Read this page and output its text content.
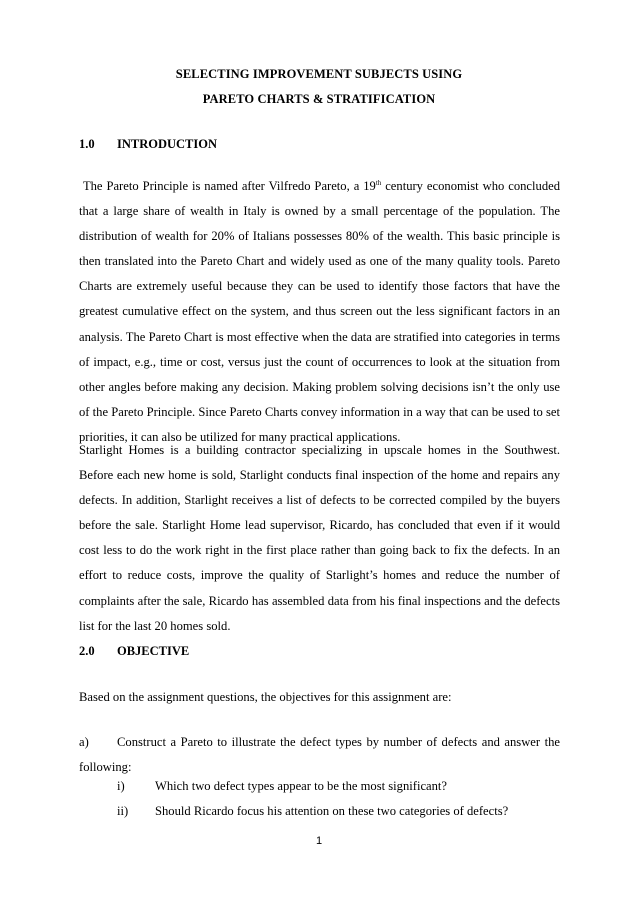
SELECTING IMPROVEMENT SUBJECTS USING
PARETO CHARTS & STRATIFICATION
1.0 INTRODUCTION

The Pareto Principle is named after Vilfredo Pareto, a 19th century economist who concluded that a large share of wealth in Italy is owned by a small percentage of the population. The distribution of wealth for 20% of Italians possesses 80% of the wealth. This basic principle is then translated into the Pareto Chart and widely used as one of the many quality tools. Pareto Charts are extremely useful because they can be used to identify those factors that have the greatest cumulative effect on the system, and thus screen out the less significant factors in an analysis. The Pareto Chart is most effective when the data are stratified into categories in terms of impact, e.g., time or cost, versus just the count of occurrences to look at the situation from other angles before making any decision. Making problem solving decisions isn’t the only use of the Pareto Principle. Since Pareto Charts convey information in a way that can be used to set priorities, it can also be utilized for many practical applications.

Starlight Homes is a building contractor specializing in upscale homes in the Southwest. Before each new home is sold, Starlight conducts final inspection of the home and repairs any defects. In addition, Starlight receives a list of defects to be corrected compiled by the buyers before the sale. Starlight Home lead supervisor, Ricardo, has concluded that even if it would cost less to do the work right in the first place rather than going back to fix the defects. In an effort to reduce costs, improve the quality of Starlight’s homes and reduce the number of complaints after the sale, Ricardo has assembled data from his final inspections and the defects list for the last 20 homes sold.

2.0 OBJECTIVE

Based on the assignment questions, the objectives for this assignment are:

a)	Construct a Pareto to illustrate the defect types by number of defects and answer the following:
i) Which two defect types appear to be the most significant?
ii) Should Ricardo focus his attention on these two categories of defects?
1
